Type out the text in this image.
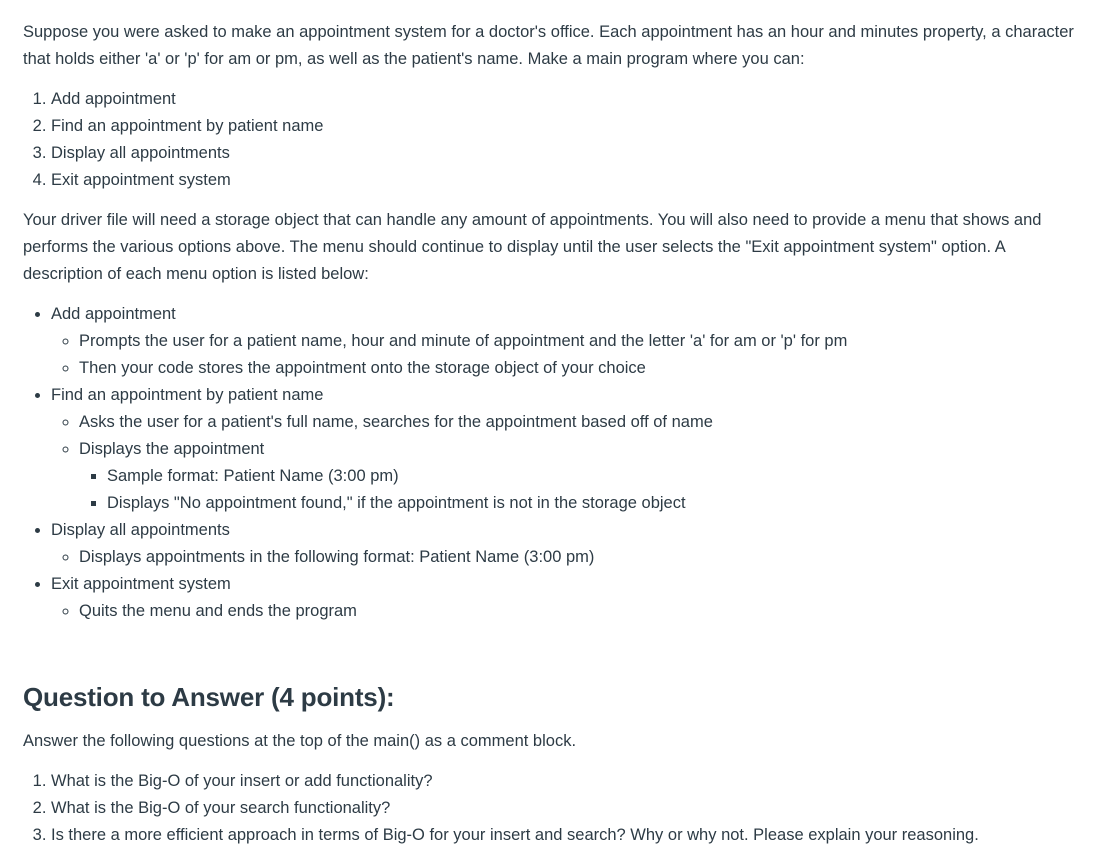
Suppose you were asked to make an appointment system for a doctor's office. Each appointment has an hour and minutes property, a character that holds either 'a' or 'p' for am or pm, as well as the patient's name. Make a main program where you can:

1. Add appointment
2. Find an appointment by patient name
3. Display all appointments
4. Exit appointment system

Your driver file will need a storage object that can handle any amount of appointments. You will also need to provide a menu that shows and performs the various options above. The menu should continue to display until the user selects the "Exit appointment system" option. A description of each menu option is listed below:

• Add appointment
◦ Prompts the user for a patient name, hour and minute of appointment and the letter 'a' for am or 'p' for pm
◦ Then your code stores the appointment onto the storage object of your choice
• Find an appointment by patient name
◦ Asks the user for a patient's full name, searches for the appointment based off of name
◦ Displays the appointment
▪ Sample format: Patient Name (3:00 pm)
▪ Displays "No appointment found," if the appointment is not in the storage object
• Display all appointments
◦ Displays appointments in the following format: Patient Name (3:00 pm)
• Exit appointment system
◦ Quits the menu and ends the program
Question to Answer (4 points):

Answer the following questions at the top of the main() as a comment block.

1. What is the Big-O of your insert or add functionality?
2. What is the Big-O of your search functionality?
3. Is there a more efficient approach in terms of Big-O for your insert and search? Why or why not. Please explain your reasoning.
